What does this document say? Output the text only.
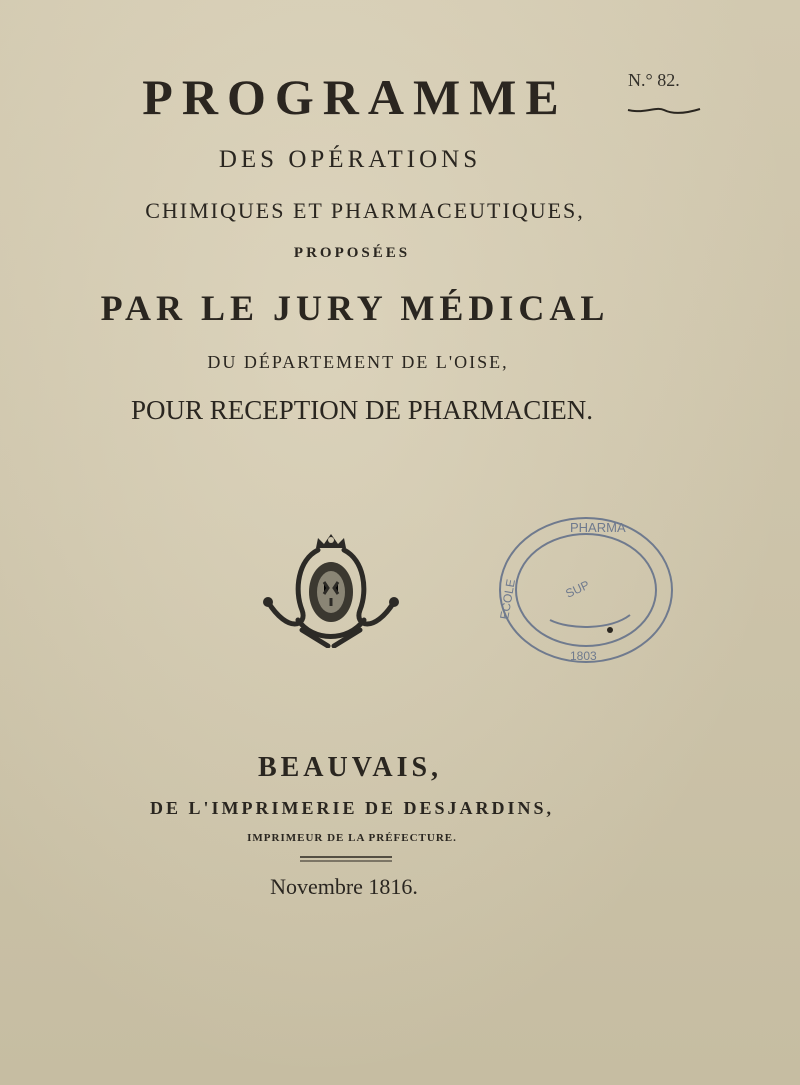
PROGRAMME	N.° 82.
DES OPÉRATIONS
CHIMIQUES ET PHARMACEUTIQUES,
PROPOSÉES
PAR LE JURY MÉDICAL
DU DÉPARTEMENT DE L'OISE,
POUR RECEPTION DE PHARMACIEN.
PHARMA
ECOLE
1803
SUP
BEAUVAIS,
DE L'IMPRIMERIE DE DESJARDINS,
IMPRIMEUR DE LA PRÉFECTURE.
Novembre 1816.
